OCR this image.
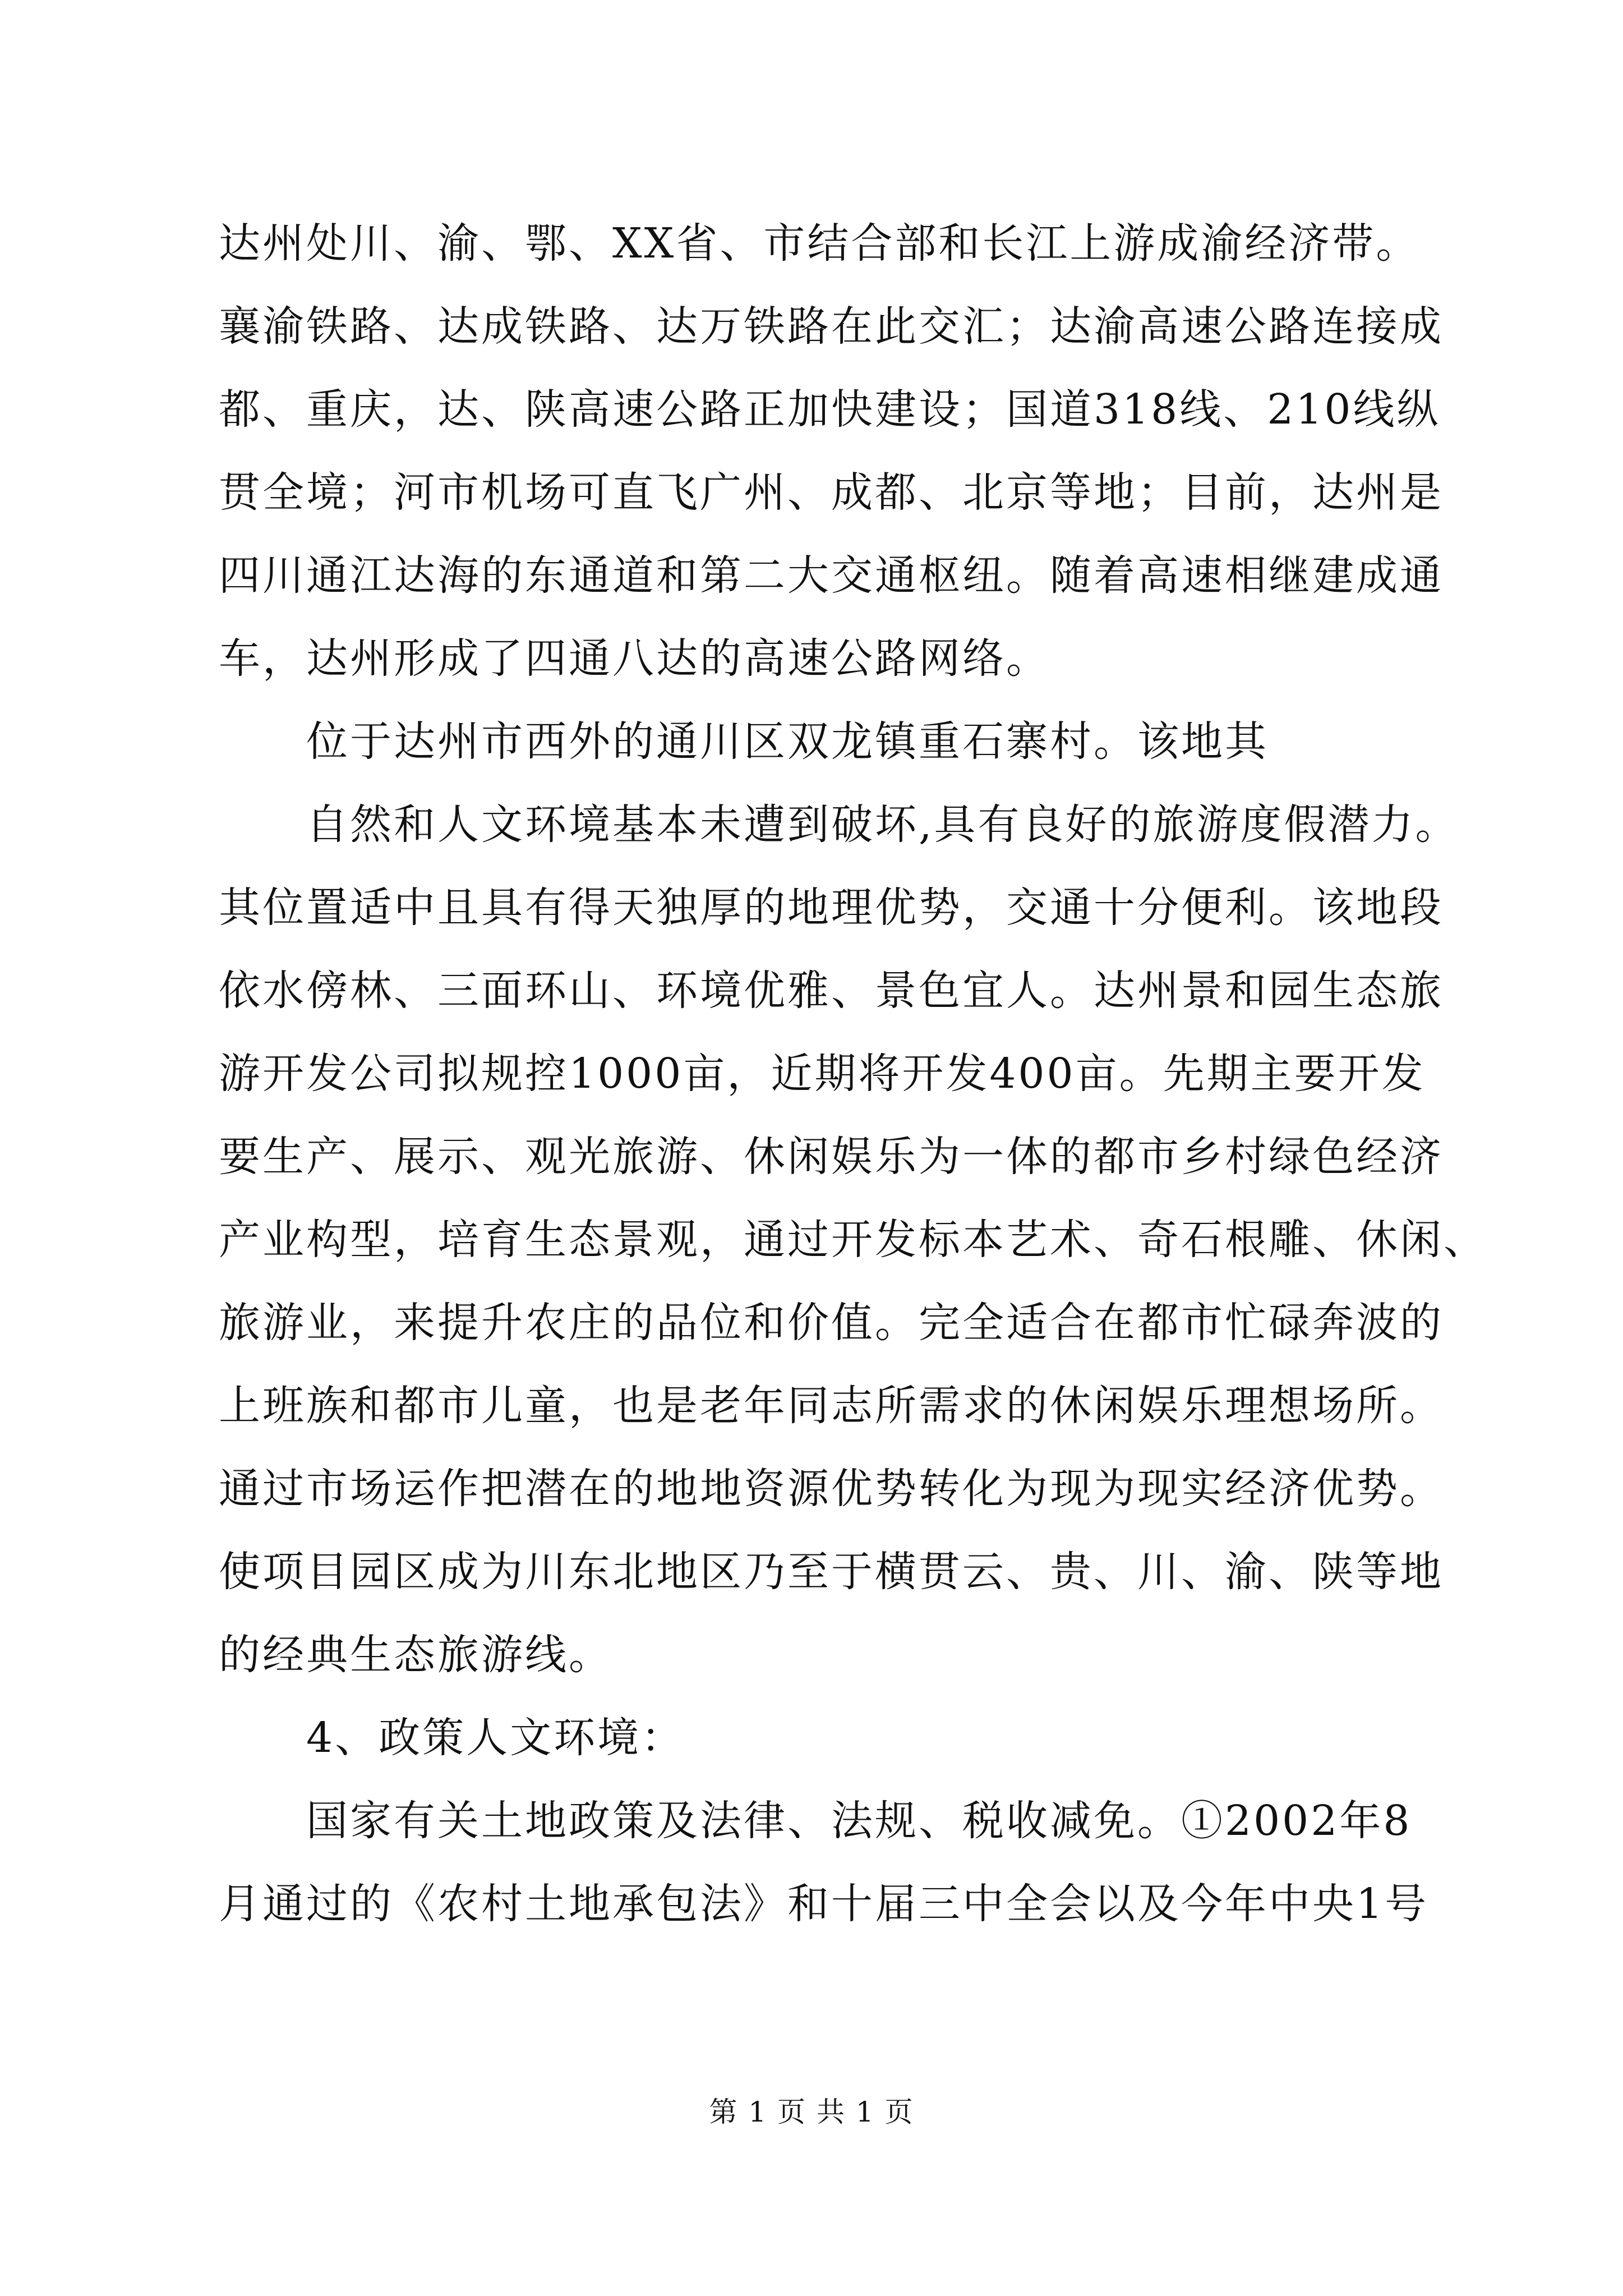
达州处川、渝、鄂、XX省、市结合部和长江上游成渝经济带。
襄渝铁路、达成铁路、达万铁路在此交汇；达渝高速公路连接成
都、重庆，达、陕高速公路正加快建设；国道318线、210线纵
贯全境；河市机场可直飞广州、成都、北京等地；目前，达州是
四川通江达海的东通道和第二大交通枢纽。随着高速相继建成通
车，达州形成了四通八达的高速公路网络。
　　位于达州市西外的通川区双龙镇重石寨村。该地其
　　自然和人文环境基本未遭到破坏,具有良好的旅游度假潜力。
其位置适中且具有得天独厚的地理优势，交通十分便利。该地段
依水傍林、三面环山、环境优雅、景色宜人。达州景和园生态旅
游开发公司拟规控1000亩，近期将开发400亩。先期主要开发
要生产、展示、观光旅游、休闲娱乐为一体的都市乡村绿色经济
产业构型，培育生态景观，通过开发标本艺术、奇石根雕、休闲、
旅游业，来提升农庄的品位和价值。完全适合在都市忙碌奔波的
上班族和都市儿童，也是老年同志所需求的休闲娱乐理想场所。
通过市场运作把潜在的地地资源优势转化为现为现实经济优势。
使项目园区成为川东北地区乃至于横贯云、贵、川、渝、陕等地
的经典生态旅游线。
　　4、政策人文环境：
　　国家有关土地政策及法律、法规、税收减免。①2002年8
月通过的《农村土地承包法》和十届三中全会以及今年中央1号
第 1 页 共 1 页
